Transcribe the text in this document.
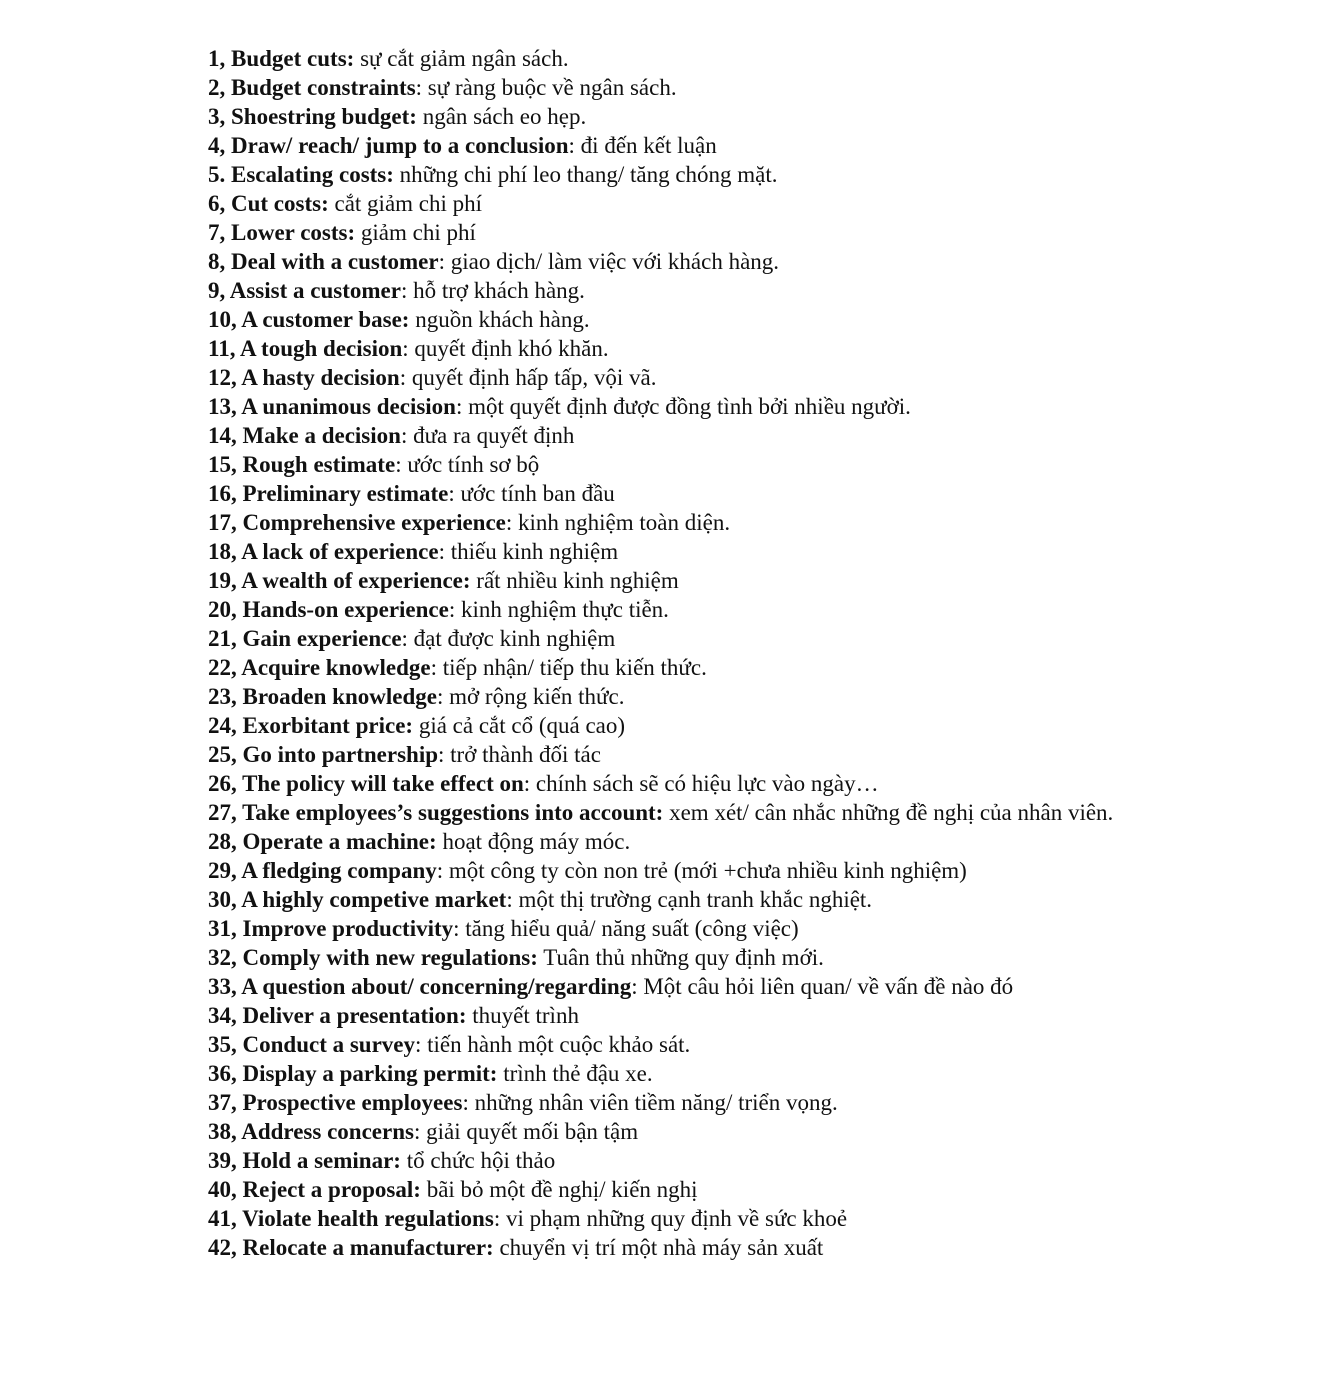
1, Budget cuts: sự cắt giảm ngân sách.
2, Budget constraints: sự ràng buộc về ngân sách.
3, Shoestring budget: ngân sách eo hẹp.
4, Draw/ reach/ jump to a conclusion: đi đến kết luận
5. Escalating costs: những chi phí leo thang/ tăng chóng mặt.
6, Cut costs: cắt giảm chi phí
7, Lower costs: giảm chi phí
8, Deal with a customer: giao dịch/ làm việc với khách hàng.
9, Assist a customer: hỗ trợ khách hàng.
10, A customer base: nguồn khách hàng.
11, A tough decision: quyết định khó khăn.
12, A hasty decision: quyết định hấp tấp, vội vã.
13, A unanimous decision: một quyết định được đồng tình bởi nhiều người.
14, Make a decision: đưa ra quyết định
15, Rough estimate: ước tính sơ bộ
16, Preliminary estimate: ước tính ban đầu
17, Comprehensive experience: kinh nghiệm toàn diện.
18, A lack of experience: thiếu kinh nghiệm
19, A wealth of experience: rất nhiều kinh nghiệm
20, Hands-on experience: kinh nghiệm thực tiễn.
21, Gain experience: đạt được kinh nghiệm
22, Acquire knowledge: tiếp nhận/ tiếp thu kiến thức.
23, Broaden knowledge: mở rộng kiến thức.
24, Exorbitant price: giá cả cắt cổ (quá cao)
25, Go into partnership: trở thành đối tác
26, The policy will take effect on: chính sách sẽ có hiệu lực vào ngày…
27, Take employees’s suggestions into account: xem xét/ cân nhắc những đề nghị của nhân viên.
28, Operate a machine: hoạt động máy móc.
29, A fledging company: một công ty còn non trẻ (mới +chưa nhiều kinh nghiệm)
30, A highly competive market: một thị trường cạnh tranh khắc nghiệt.
31, Improve productivity: tăng hiểu quả/ năng suất (công việc)
32, Comply with new regulations: Tuân thủ những quy định mới.
33, A question about/ concerning/regarding: Một câu hỏi liên quan/ về vấn đề nào đó
34, Deliver a presentation: thuyết trình
35, Conduct a survey: tiến hành một cuộc khảo sát.
36, Display a parking permit: trình thẻ đậu xe.
37, Prospective employees: những nhân viên tiềm năng/ triển vọng.
38, Address concerns: giải quyết mối bận tậm
39, Hold a seminar: tổ chức hội thảo
40, Reject a proposal: bãi bỏ một đề nghị/ kiến nghị
41, Violate health regulations: vi phạm những quy định về sức khoẻ
42, Relocate a manufacturer: chuyển vị trí một nhà máy sản xuất
